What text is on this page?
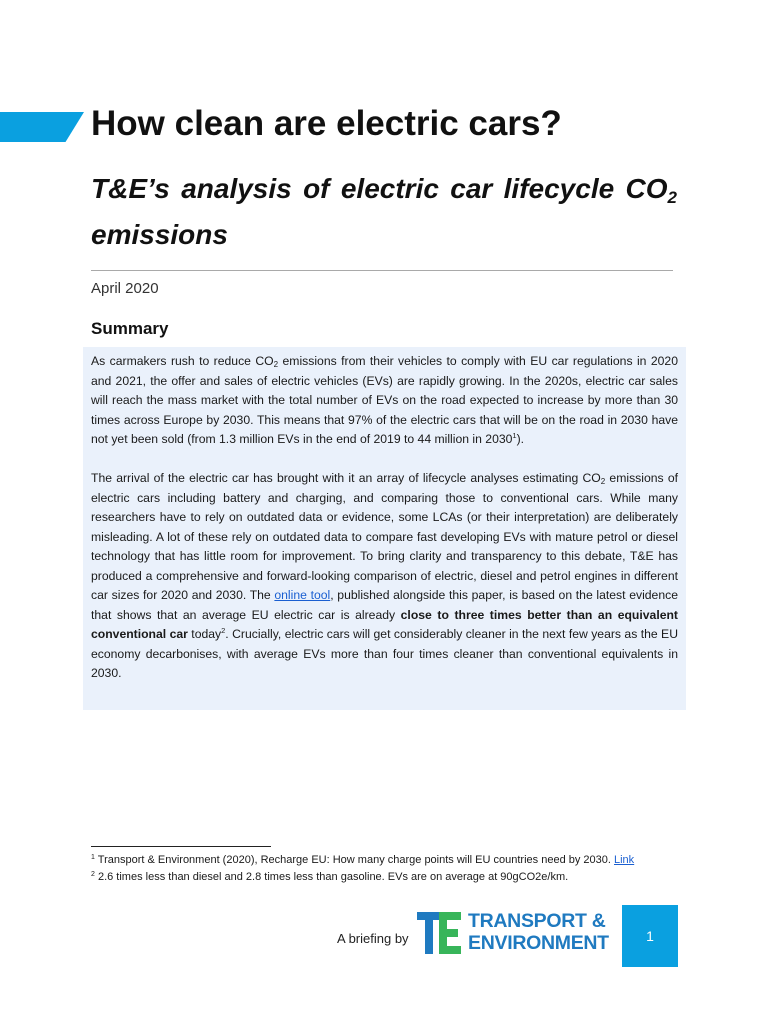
How clean are electric cars?
T&E’s analysis of electric car lifecycle $CO_2$ emissions
April 2020
Summary

As carmakers rush to reduce $CO_2$ emissions from their vehicles to comply with EU car regulations in 2020 and 2021, the offer and sales of electric vehicles (EVs) are rapidly growing. In the 2020s, electric car sales will reach the mass market with the total number of EVs on the road expected to increase by more than 30 times across Europe by 2030. This means that 97% of the electric cars that will be on the road in 2030 have not yet been sold (from 1.3 million EVs in the end of 2019 to 44 million in 2030$^1$).

The arrival of the electric car has brought with it an array of lifecycle analyses estimating $CO_2$ emissions of electric cars including battery and charging, and comparing those to conventional cars. While many researchers have to rely on outdated data or evidence, some LCAs (or their interpretation) are deliberately misleading. A lot of these rely on outdated data to compare fast developing EVs with mature petrol or diesel technology that has little room for improvement. To bring clarity and transparency to this debate, T&E has produced a comprehensive and forward-looking comparison of electric, diesel and petrol engines in different car sizes for 2020 and 2030. The online tool, published alongside this paper, is based on the latest evidence that shows that an average EU electric car is already close to three times better than an equivalent conventional car today$^2$. Crucially, electric cars will get considerably cleaner in the next few years as the EU economy decarbonises, with average EVs more than four times cleaner than conventional equivalents in 2030.

$^1$ Transport & Environment (2020), Recharge EU: How many charge points will EU countries need by 2030. Link
$^2$ 2.6 times less than diesel and 2.8 times less than gasoline. EVs are on average at 90gCO2e/km.
A briefing by
TRANSPORT &
ENVIRONMENT	1
